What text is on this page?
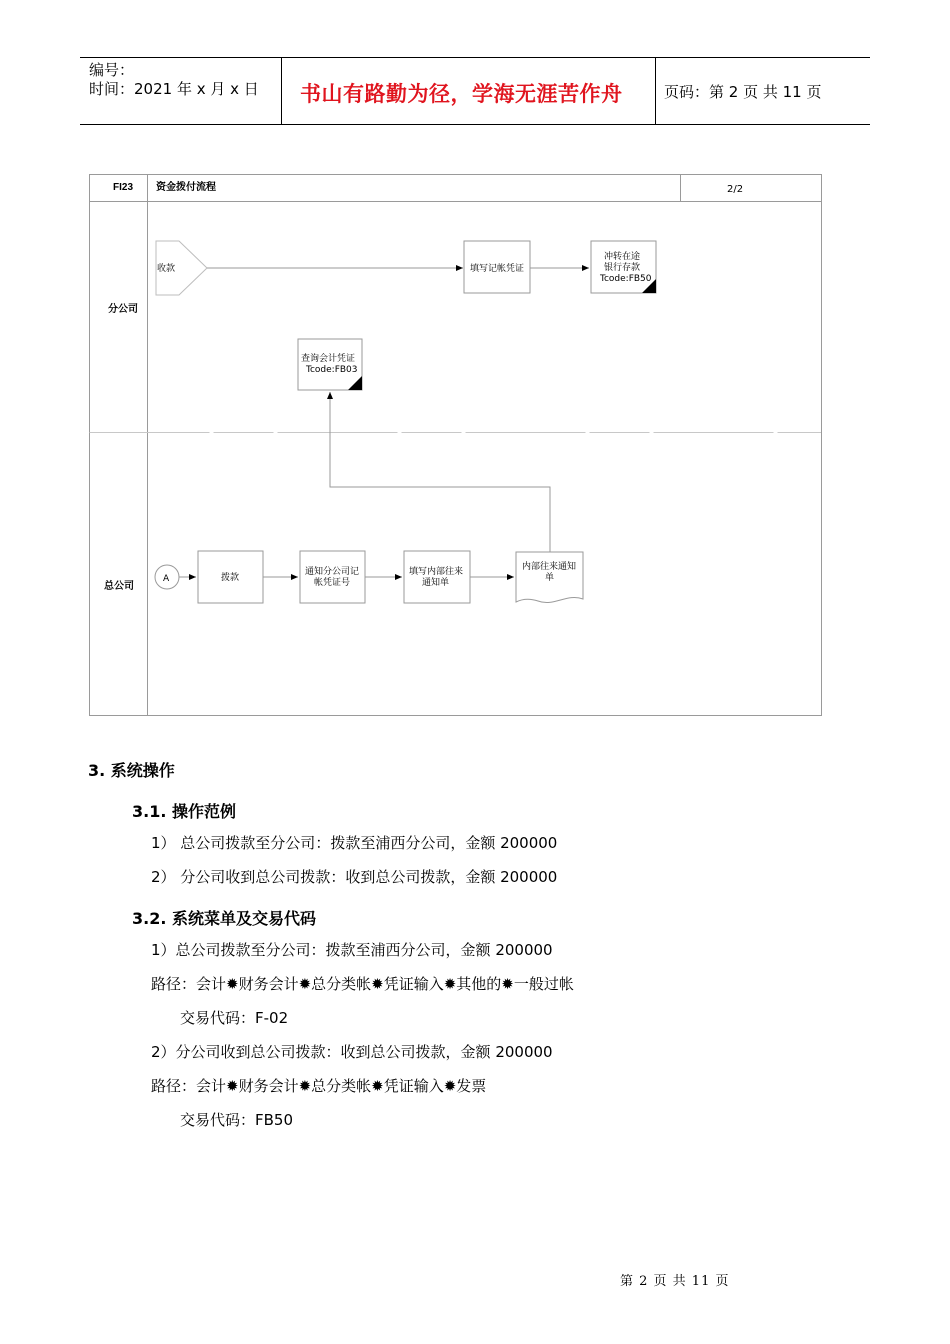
编号：
时间：2021 年 x 月 x 日 书山有路勤为径，学海无涯苦作舟	页码：第 2 页 共 11 页
FI23 资金拨付流程	2/2
分公司
总公司
收款	填写记帐凭证
冲转在途
银行存款
Tcode:FB50
查询会计凭证
Tcode:FB03
A	拨款
通知分公司记
帐凭证号
填写内部往来
通知单
内部往来通知
单
3. 系统操作
3.1. 操作范例
1） 总公司拨款至分公司：拨款至浦西分公司，金额 200000
2） 分公司收到总公司拨款：收到总公司拨款，金额 200000
3.2. 系统菜单及交易代码
1）总公司拨款至分公司：拨款至浦西分公司，金额 200000
路径：会计✹财务会计✹总分类帐✹凭证输入✹其他的✹一般过帐
交易代码：F-02
2）分公司收到总公司拨款：收到总公司拨款，金额 200000
路径：会计✹财务会计✹总分类帐✹凭证输入✹发票
交易代码：FB50
第 2 页 共 11 页
